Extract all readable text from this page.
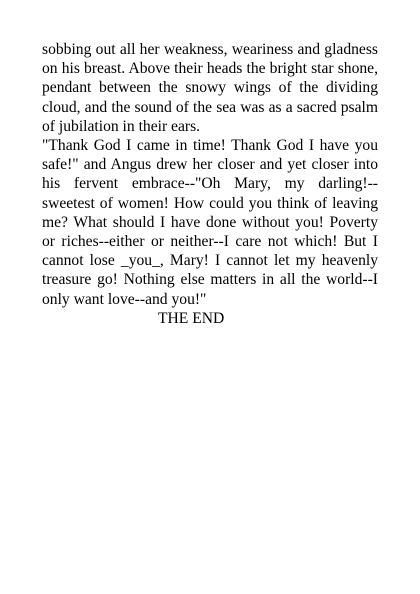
sobbing out all her weakness, weariness and gladness on his breast. Above their heads the bright star shone, pendant between the snowy wings of the dividing cloud, and the sound of the sea was as a sacred psalm of jubilation in their ears.

"Thank God I came in time! Thank God I have you safe!" and Angus drew her closer and yet closer into his fervent embrace--"Oh Mary, my darling!--sweetest of women! How could you think of leaving me? What should I have done without you! Poverty or riches--either or neither--I care not which! But I cannot lose _you_, Mary! I cannot let my heavenly treasure go! Nothing else matters in all the world--I only want love--and you!"

THE END
